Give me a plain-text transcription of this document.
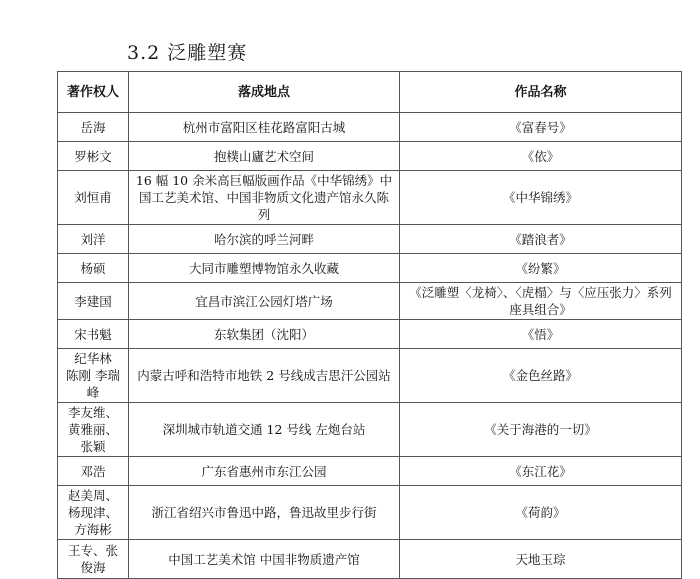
3.2 泛雕塑赛
著作权人	落成地点	作品名称
岳海	杭州市富阳区桂花路富阳古城	《富春号》
罗彬文	抱樸山廬艺术空间	《依》
刘恒甫	16 幅 10 余米高巨幅版画作品《中华锦绣》中国工艺美术馆、中国非物质文化遗产馆永久陈列	《中华锦绣》
刘洋	哈尔滨的呼兰河畔	《踏浪者》
杨硕	大同市雕塑博物馆永久收藏	《纷繁》
李建国	宜昌市滨江公园灯塔广场	《泛雕塑〈龙椅〉、〈虎榻〉与〈应压张力〉系列座具组合》
宋书魁	东软集团（沈阳）	《悟》
纪华林　陈刚 李瑞峰	内蒙古呼和浩特市地铁 2 号线成吉思汗公园站	《金色丝路》
李友维、黄雅丽、张颖	深圳城市轨道交通 12 号线 左炮台站	《关于海港的一切》
邓浩	广东省惠州市东江公园	《东江花》
赵美周、杨现津、方海彬	浙江省绍兴市鲁迅中路，鲁迅故里步行街	《荷韵》
王专、张俊海	中国工艺美术馆 中国非物质遗产馆	天地玉琮
